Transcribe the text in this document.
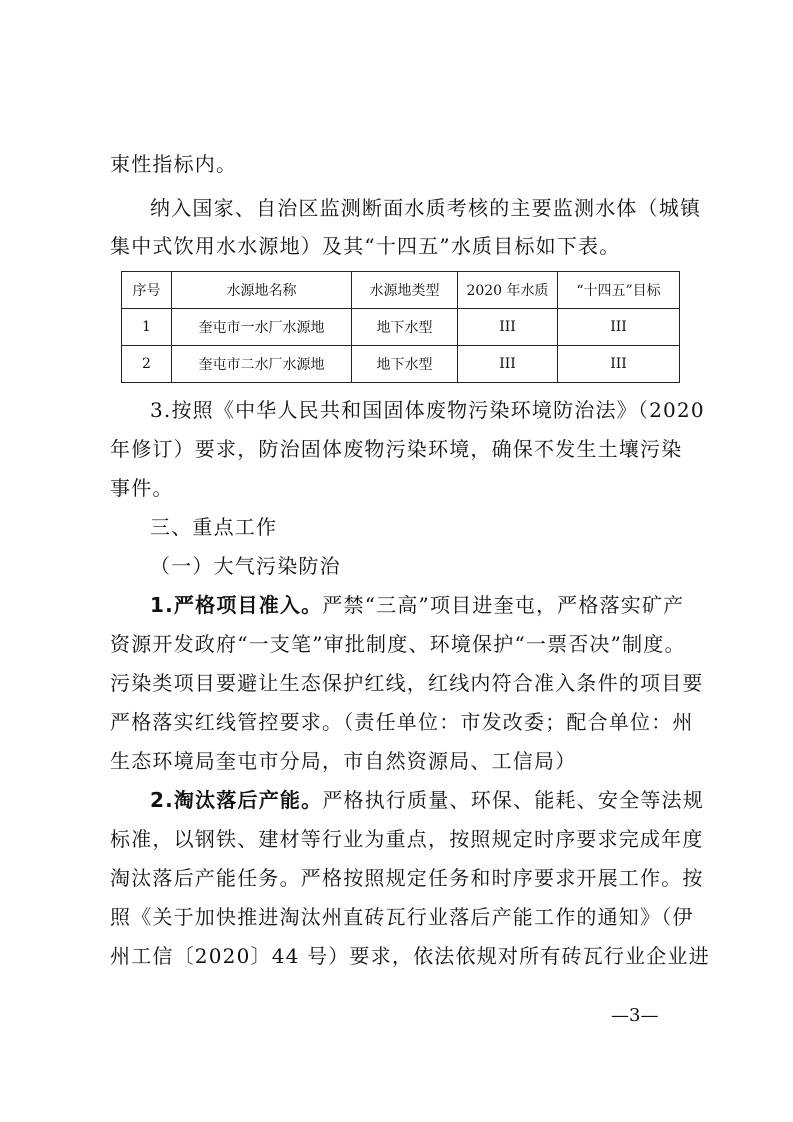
束性指标内。
纳入国家、自治区监测断面水质考核的主要监测水体（城镇
集中式饮用水水源地）及其“十四五”水质目标如下表。
序号	水源地名称	水源地类型	2020 年水质	“十四五”目标
1	奎屯市一水厂水源地	地下水型	III	III
2	奎屯市二水厂水源地	地下水型	III	III
3.按照《中华人民共和国固体废物污染环境防治法》（2020
年修订）要求，防治固体废物污染环境，确保不发生土壤污染
事件。
三、重点工作
（一）大气污染防治
1.严格项目准入。严禁“三高”项目进奎屯，严格落实矿产
资源开发政府“一支笔”审批制度、环境保护“一票否决”制度。
污染类项目要避让生态保护红线，红线内符合准入条件的项目要
严格落实红线管控要求。（责任单位：市发改委；配合单位：州
生态环境局奎屯市分局，市自然资源局、工信局）
2.淘汰落后产能。严格执行质量、环保、能耗、安全等法规
标准，以钢铁、建材等行业为重点，按照规定时序要求完成年度
淘汰落后产能任务。严格按照规定任务和时序要求开展工作。按
照《关于加快推进淘汰州直砖瓦行业落后产能工作的通知》（伊
州工信〔2020〕44 号）要求，依法依规对所有砖瓦行业企业进
—3—
